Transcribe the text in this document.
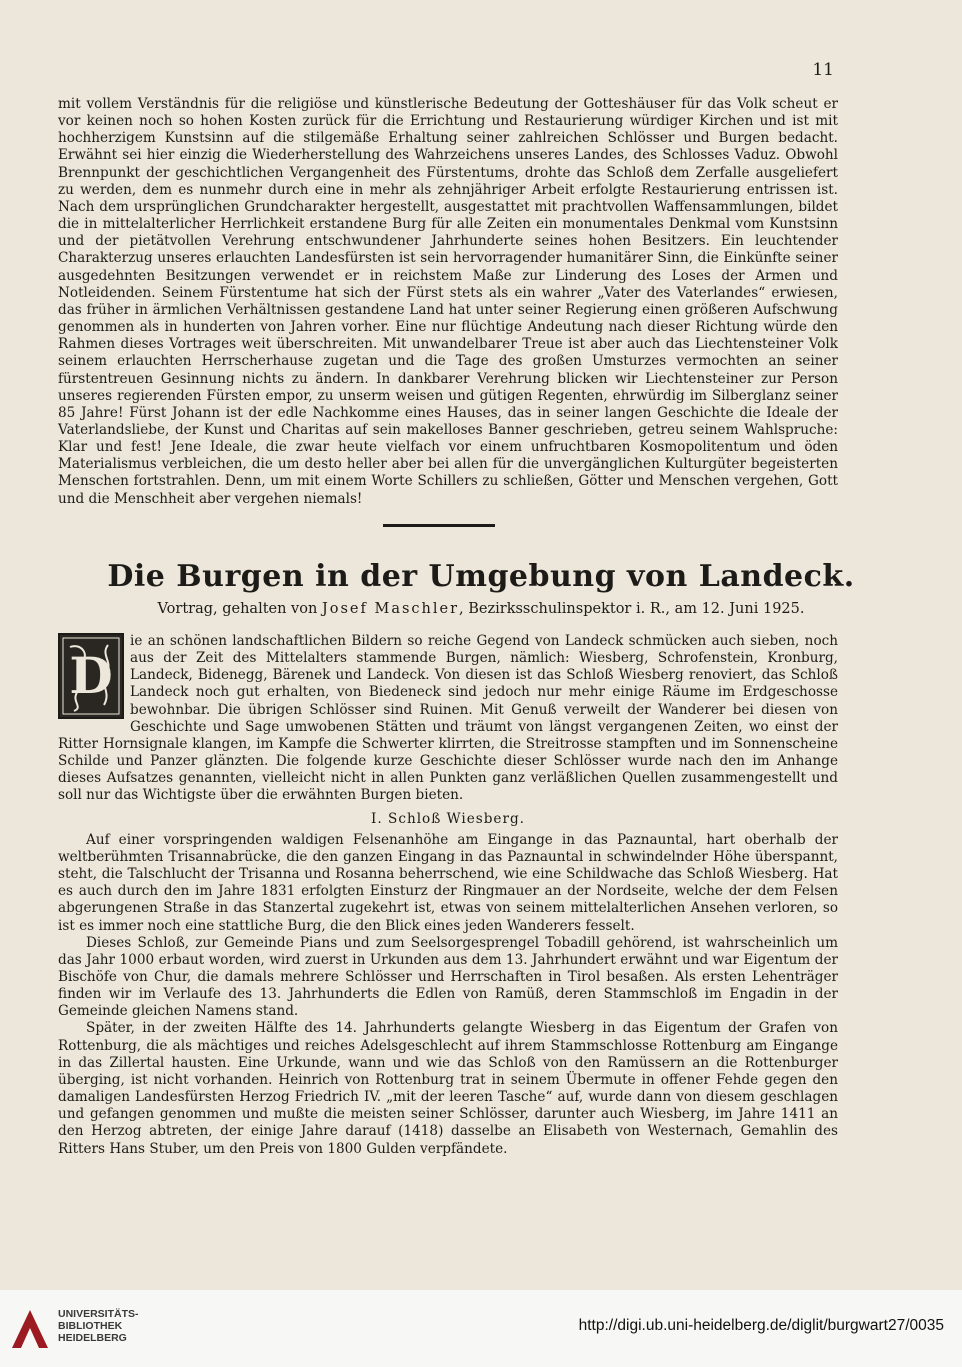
11

mit vollem Verständnis für die religiöse und künstlerische Bedeutung der Gotteshäuser für das Volk scheut er vor keinen noch so hohen Kosten zurück für die Errichtung und Restaurierung würdiger Kirchen und ist mit hochherzigem Kunstsinn auf die stilgemäße Erhaltung seiner zahlreichen Schlösser und Burgen bedacht. Erwähnt sei hier einzig die Wiederherstellung des Wahrzeichens unseres Landes, des Schlosses Vaduz. Obwohl Brennpunkt der geschichtlichen Vergangenheit des Fürstentums, drohte das Schloß dem Zerfalle ausgeliefert zu werden, dem es nunmehr durch eine in mehr als zehnjähriger Arbeit erfolgte Restaurierung entrissen ist. Nach dem ursprünglichen Grundcharakter hergestellt, ausgestattet mit prachtvollen Waffensammlungen, bildet die in mittelalterlicher Herrlichkeit erstandene Burg für alle Zeiten ein monumentales Denkmal vom Kunstsinn und der pietätvollen Verehrung entschwundener Jahrhunderte seines hohen Besitzers. Ein leuchtender Charakterzug unseres erlauchten Landesfürsten ist sein hervorragender humanitärer Sinn, die Einkünfte seiner ausgedehnten Besitzungen verwendet er in reichstem Maße zur Linderung des Loses der Armen und Notleidenden. Seinem Fürstentume hat sich der Fürst stets als ein wahrer „Vater des Vaterlandes“ erwiesen, das früher in ärmlichen Verhältnissen gestandene Land hat unter seiner Regierung einen größeren Aufschwung genommen als in hunderten von Jahren vorher. Eine nur flüchtige Andeutung nach dieser Richtung würde den Rahmen dieses Vortrages weit überschreiten. Mit unwandelbarer Treue ist aber auch das Liechtensteiner Volk seinem erlauchten Herrscherhause zugetan und die Tage des großen Umsturzes vermochten an seiner fürstentreuen Gesinnung nichts zu ändern. In dankbarer Verehrung blicken wir Liechtensteiner zur Person unseres regierenden Fürsten empor, zu unserm weisen und gütigen Regenten, ehrwürdig im Silberglanz seiner 85 Jahre! Fürst Johann ist der edle Nachkomme eines Hauses, das in seiner langen Geschichte die Ideale der Vaterlandsliebe, der Kunst und Charitas auf sein makelloses Banner geschrieben, getreu seinem Wahlspruche: Klar und fest! Jene Ideale, die zwar heute vielfach vor einem unfruchtbaren Kosmopolitentum und öden Materialismus verbleichen, die um desto heller aber bei allen für die unvergänglichen Kulturgüter begeisterten Menschen fortstrahlen. Denn, um mit einem Worte Schillers zu schließen, Götter und Menschen vergehen, Gott und die Menschheit aber vergehen niemals!

Die Burgen in der Umgebung von Landeck.
Vortrag, gehalten von Josef Maschler, Bezirksschulinspektor i. R., am 12. Juni 1925.

D
ie an schönen landschaftlichen Bildern so reiche Gegend von Landeck schmücken auch sieben, noch aus der Zeit des Mittelalters stammende Burgen, nämlich: Wiesberg, Schrofenstein, Kronburg, Landeck, Bidenegg, Bärenek und Landeck. Von diesen ist das Schloß Wiesberg renoviert, das Schloß Landeck noch gut erhalten, von Biedeneck sind jedoch nur mehr einige Räume im Erdgeschosse bewohnbar. Die übrigen Schlösser sind Ruinen. Mit Genuß verweilt der Wanderer bei diesen von Geschichte und Sage umwobenen Stätten und träumt von längst vergangenen Zeiten, wo einst der Ritter Hornsignale klangen, im Kampfe die Schwerter klirrten, die Streitrosse stampften und im Sonnenscheine Schilde und Panzer glänzten. Die folgende kurze Geschichte dieser Schlösser wurde nach den im Anhange dieses Aufsatzes genannten, vielleicht nicht in allen Punkten ganz verläßlichen Quellen zusammengestellt und soll nur das Wichtigste über die erwähnten Burgen bieten.

I. Schloß Wiesberg.

Auf einer vorspringenden waldigen Felsenanhöhe am Eingange in das Paznauntal, hart oberhalb der weltberühmten Trisannabrücke, die den ganzen Eingang in das Paznauntal in schwindelnder Höhe überspannt, steht, die Talschlucht der Trisanna und Rosanna beherrschend, wie eine Schildwache das Schloß Wiesberg. Hat es auch durch den im Jahre 1831 erfolgten Einsturz der Ringmauer an der Nordseite, welche der dem Felsen abgerungenen Straße in das Stanzertal zugekehrt ist, etwas von seinem mittelalterlichen Ansehen verloren, so ist es immer noch eine stattliche Burg, die den Blick eines jeden Wanderers fesselt.

Dieses Schloß, zur Gemeinde Pians und zum Seelsorgesprengel Tobadill gehörend, ist wahrscheinlich um das Jahr 1000 erbaut worden, wird zuerst in Urkunden aus dem 13. Jahrhundert erwähnt und war Eigentum der Bischöfe von Chur, die damals mehrere Schlösser und Herrschaften in Tirol besaßen. Als ersten Lehenträger finden wir im Verlaufe des 13. Jahrhunderts die Edlen von Ramüß, deren Stammschloß im Engadin in der Gemeinde gleichen Namens stand.

Später, in der zweiten Hälfte des 14. Jahrhunderts gelangte Wiesberg in das Eigentum der Grafen von Rottenburg, die als mächtiges und reiches Adelsgeschlecht auf ihrem Stammschlosse Rottenburg am Eingange in das Zillertal hausten. Eine Urkunde, wann und wie das Schloß von den Ramüssern an die Rottenburger überging, ist nicht vorhanden. Heinrich von Rottenburg trat in seinem Übermute in offener Fehde gegen den damaligen Landesfürsten Herzog Friedrich IV. „mit der leeren Tasche“ auf, wurde dann von diesem geschlagen und gefangen genommen und mußte die meisten seiner Schlösser, darunter auch Wiesberg, im Jahre 1411 an den Herzog abtreten, der einige Jahre darauf (1418) dasselbe an Elisabeth von Westernach, Gemahlin des Ritters Hans Stuber, um den Preis von 1800 Gulden verpfändete.

UNIVERSITÄTS-
BIBLIOTHEK
HEIDELBERG
http://digi.ub.uni-heidelberg.de/diglit/burgwart27/0035
